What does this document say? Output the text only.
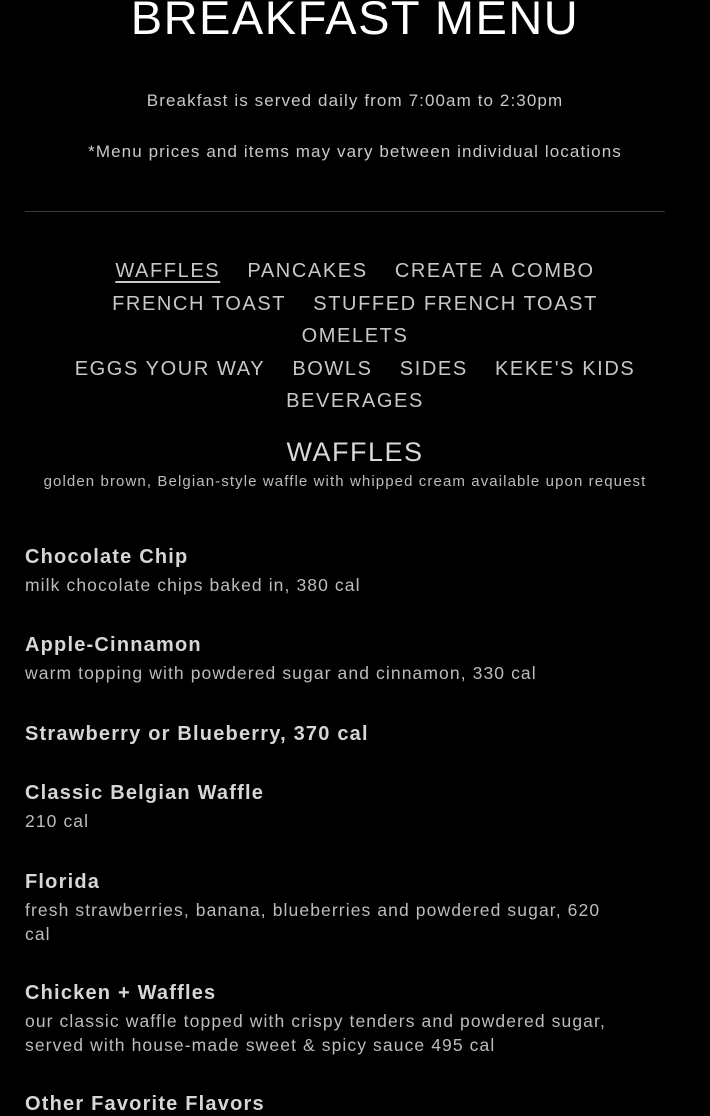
BREAKFAST MENU

Breakfast is served daily from 7:00am to 2:30pm

*Menu prices and items may vary between individual locations

WAFFLES PANCAKES CREATE A COMBO
FRENCH TOAST STUFFED FRENCH TOAST OMELETS
EGGS YOUR WAY BOWLS SIDES KEKE'S KIDS
BEVERAGES
WAFFLES

golden brown, Belgian-style waffle with whipped cream available upon request

Chocolate Chip

milk chocolate chips baked in, 380 cal

Apple-Cinnamon

warm topping with powdered sugar and cinnamon, 330 cal

Strawberry or Blueberry, 370 cal

Classic Belgian Waffle

210 cal

Florida

fresh strawberries, banana, blueberries and powdered sugar, 620 cal

Chicken + Waffles

our classic waffle topped with crispy tenders and powdered sugar, served with house-made sweet & spicy sauce 495 cal

Other Favorite Flavors
